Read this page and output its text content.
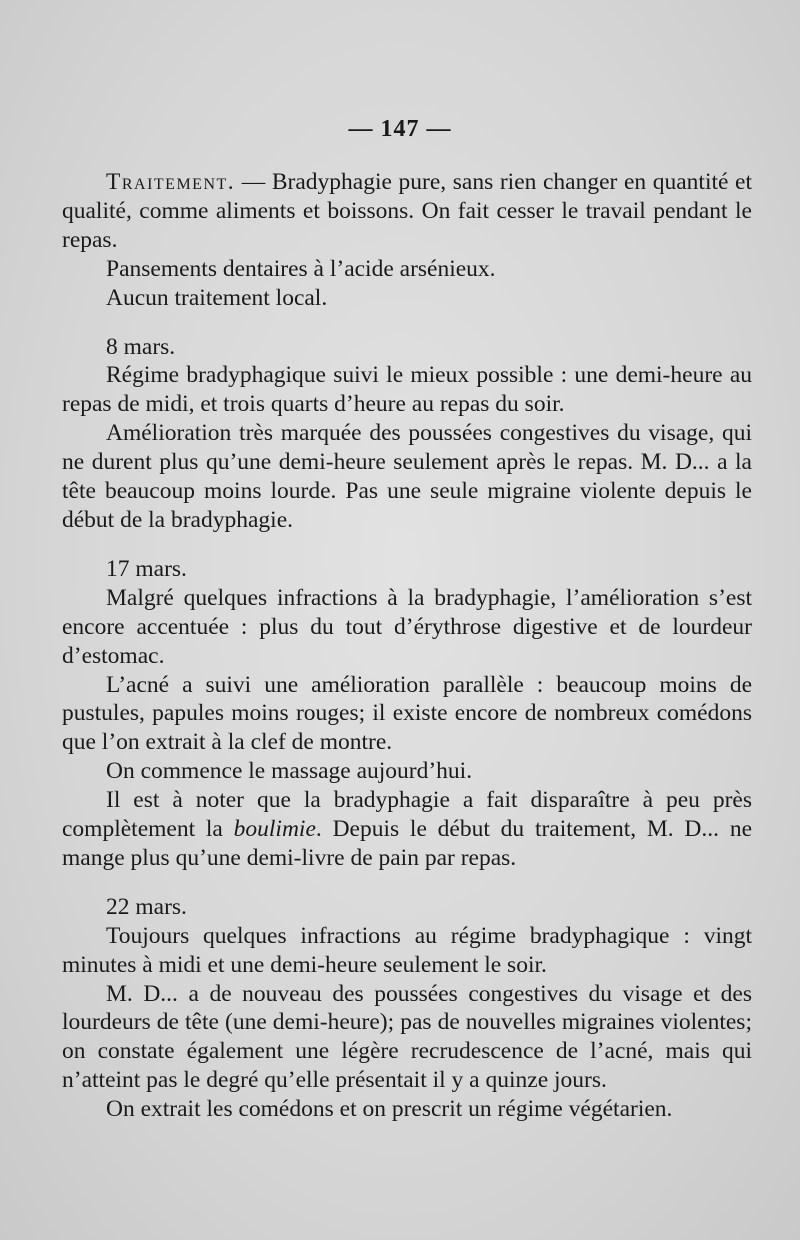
— 147 —

Traitement. — Bradyphagie pure, sans rien changer en quantité et qualité, comme aliments et boissons. On fait cesser le travail pendant le repas.

Pansements dentaires à l’acide arsénieux.

Aucun traitement local.

8 mars.

Régime bradyphagique suivi le mieux possible : une demi-heure au repas de midi, et trois quarts d’heure au repas du soir.

Amélioration très marquée des poussées congestives du visage, qui ne durent plus qu’une demi-heure seulement après le repas. M. D... a la tête beaucoup moins lourde. Pas une seule migraine violente depuis le début de la bradyphagie.

17 mars.

Malgré quelques infractions à la bradyphagie, l’amélioration s’est encore accentuée : plus du tout d’érythrose digestive et de lourdeur d’estomac.

L’acné a suivi une amélioration parallèle : beaucoup moins de pustules, papules moins rouges; il existe encore de nombreux comédons que l’on extrait à la clef de montre.

On commence le massage aujourd’hui.

Il est à noter que la bradyphagie a fait disparaître à peu près complètement la boulimie. Depuis le début du traitement, M. D... ne mange plus qu’une demi-livre de pain par repas.

22 mars.

Toujours quelques infractions au régime bradyphagique : vingt minutes à midi et une demi-heure seulement le soir.

M. D... a de nouveau des poussées congestives du visage et des lourdeurs de tête (une demi-heure); pas de nouvelles migraines violentes; on constate également une légère recrudescence de l’acné, mais qui n’atteint pas le degré qu’elle présentait il y a quinze jours.

On extrait les comédons et on prescrit un régime végétarien.
